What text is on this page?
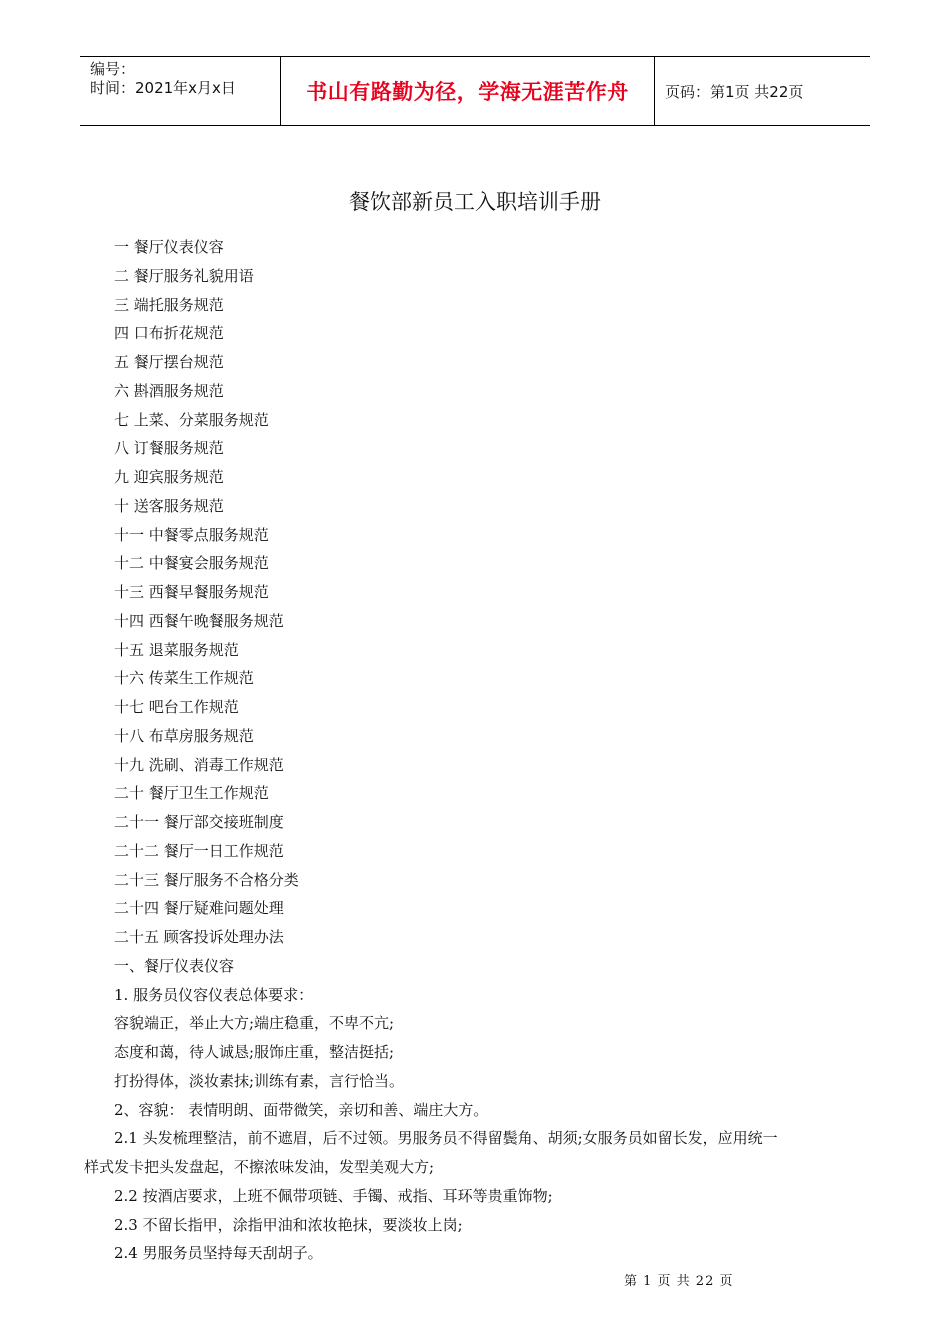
编号：
时间：2021年x月x日	书山有路勤为径，学海无涯苦作舟	页码：第1页 共22页
餐饮部新员工入职培训手册
一 餐厅仪表仪容
二 餐厅服务礼貌用语
三 端托服务规范
四 口布折花规范
五 餐厅摆台规范
六 斟酒服务规范
七 上菜、分菜服务规范
八 订餐服务规范
九 迎宾服务规范
十 送客服务规范
十一 中餐零点服务规范
十二 中餐宴会服务规范
十三 西餐早餐服务规范
十四 西餐午晚餐服务规范
十五 退菜服务规范
十六 传菜生工作规范
十七 吧台工作规范
十八 布草房服务规范
十九 洗刷、消毒工作规范
二十 餐厅卫生工作规范
二十一 餐厅部交接班制度
二十二 餐厅一日工作规范
二十三 餐厅服务不合格分类
二十四 餐厅疑难问题处理
二十五 顾客投诉处理办法
一、餐厅仪表仪容
1. 服务员仪容仪表总体要求：
容貌端正，举止大方;端庄稳重，不卑不亢;
态度和蔼，待人诚恳;服饰庄重，整洁挺括;
打扮得体，淡妆素抹;训练有素，言行恰当。
2、容貌： 表情明朗、面带微笑，亲切和善、端庄大方。
2.1 头发梳理整洁，前不遮眉，后不过领。男服务员不得留鬓角、胡须;女服务员如留长发，应用统一
样式发卡把头发盘起，不擦浓味发油，发型美观大方;
2.2 按酒店要求，上班不佩带项链、手镯、戒指、耳环等贵重饰物;
2.3 不留长指甲，涂指甲油和浓妆艳抹，要淡妆上岗;
2.4 男服务员坚持每天刮胡子。
第 1 页 共 22 页
